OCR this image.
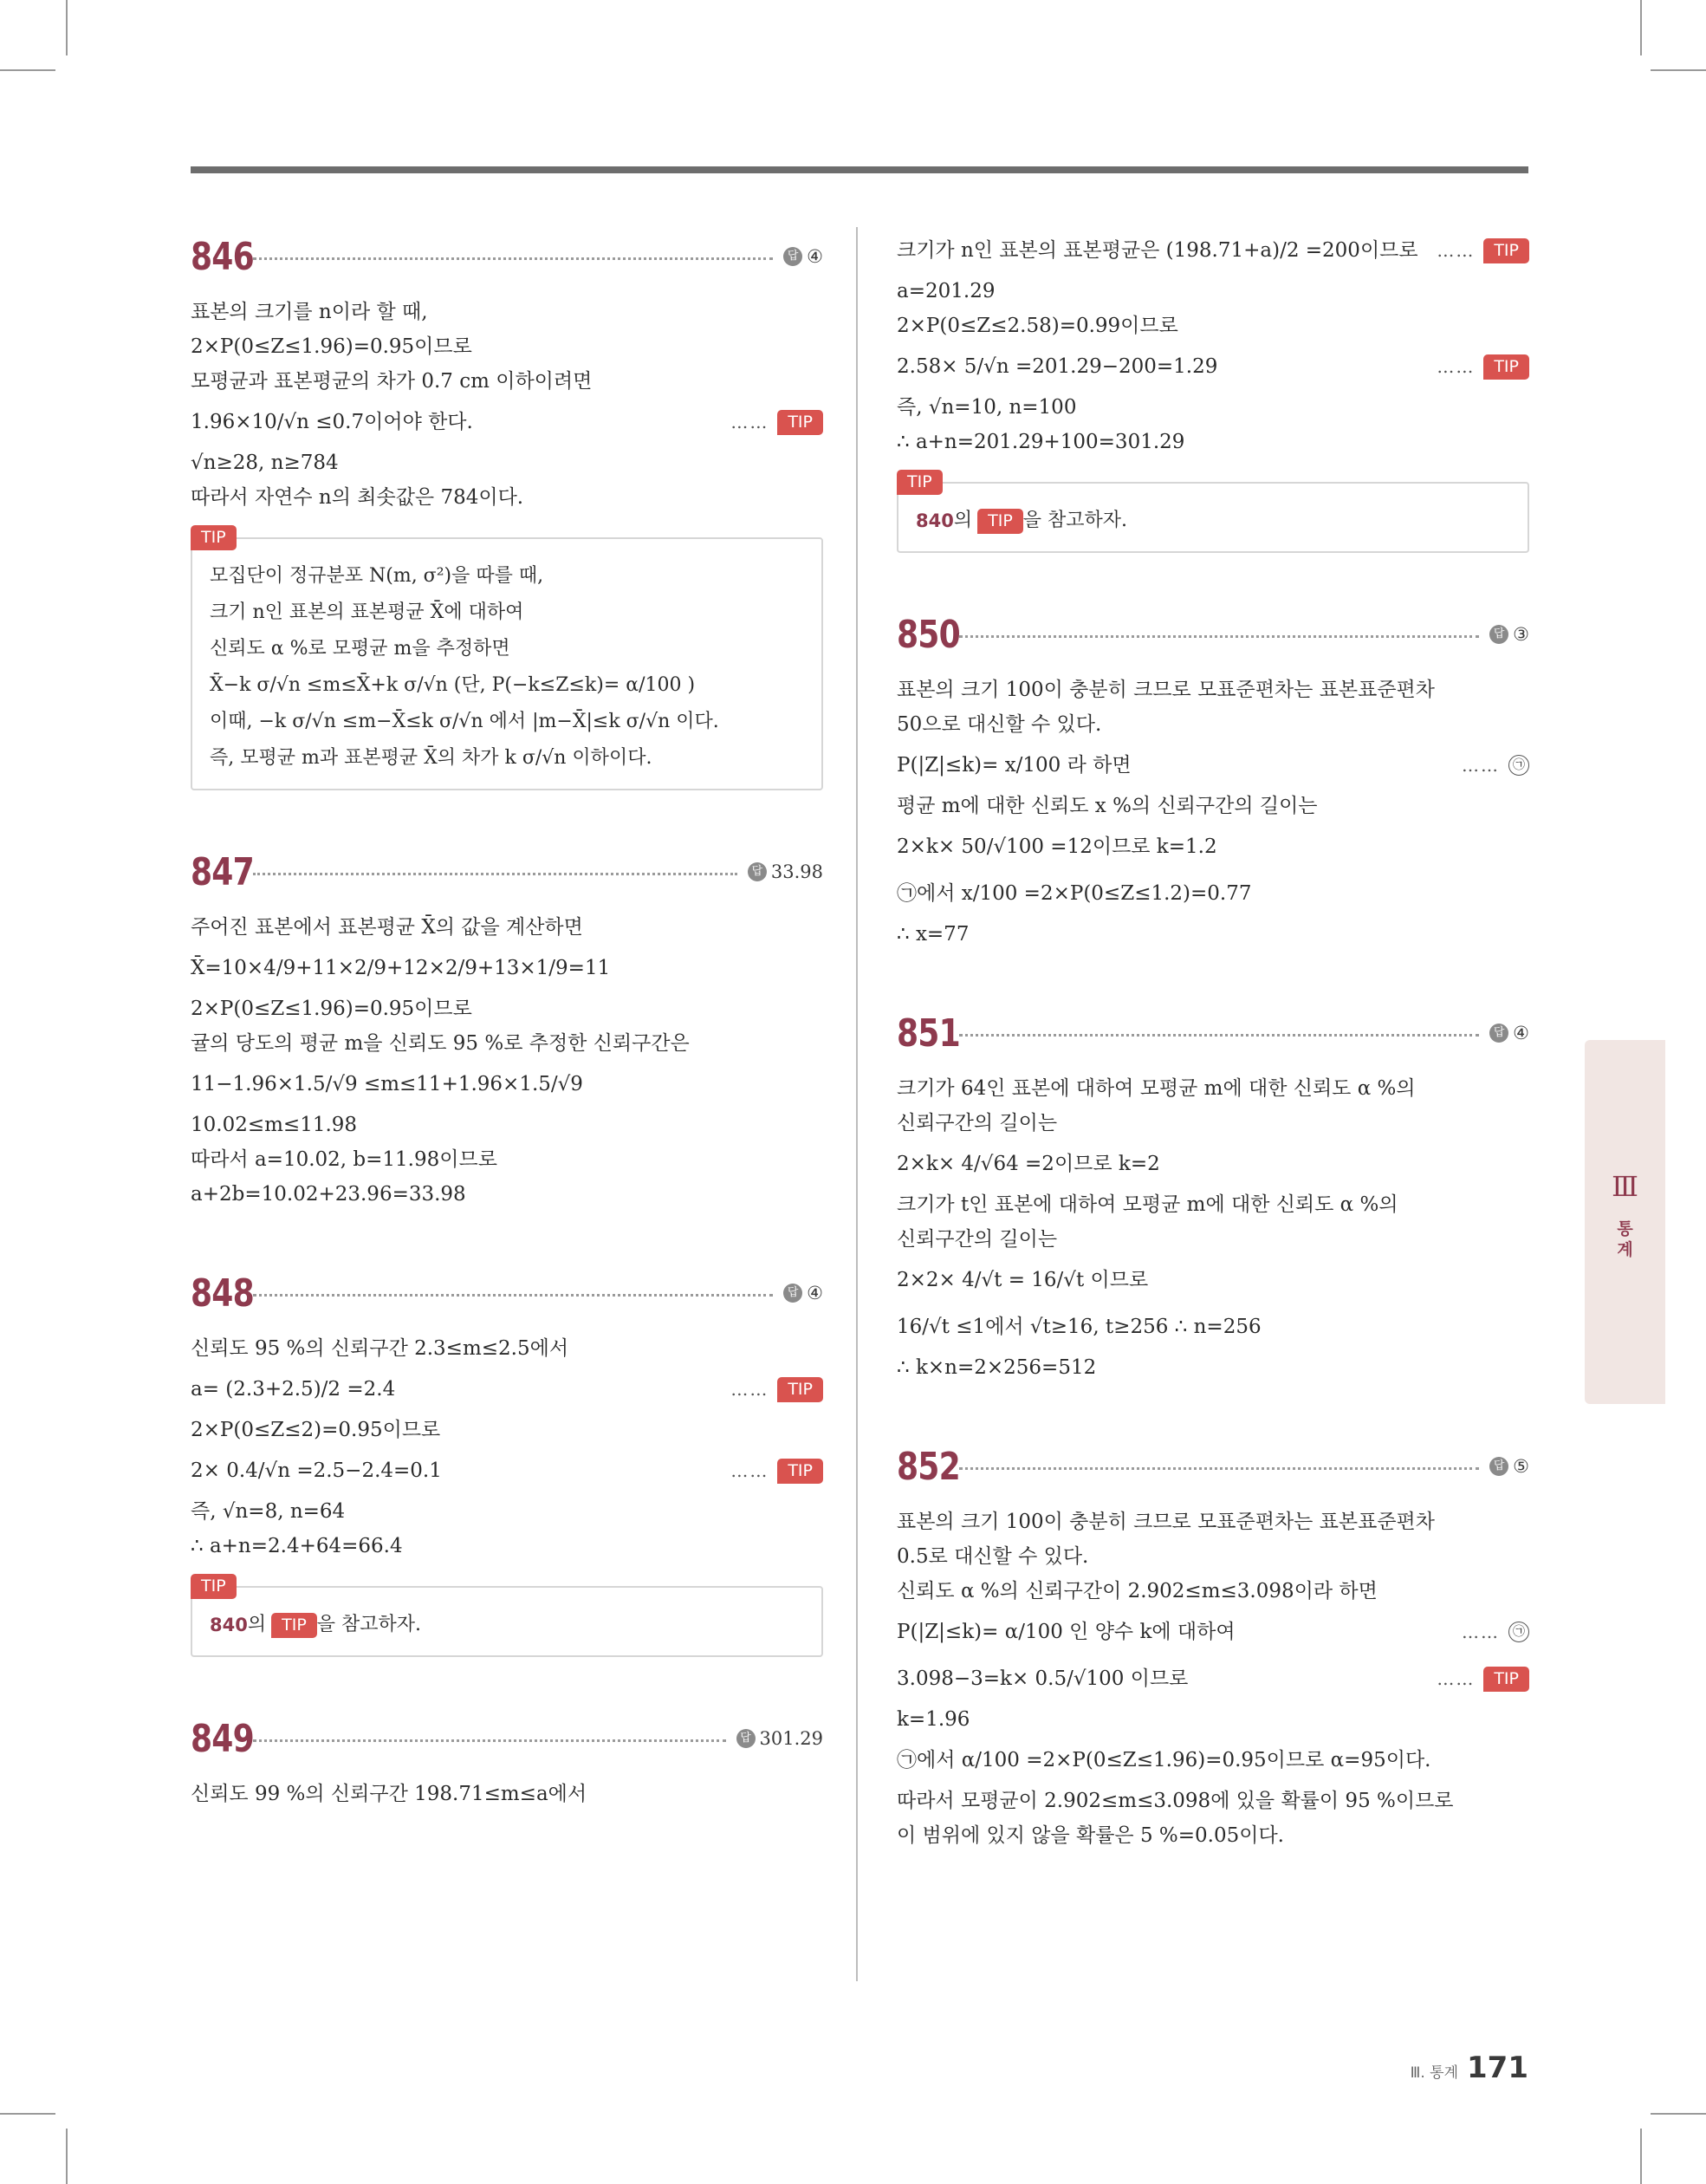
846	답 ④
표본의 크기를 n이라 할 때,
2×P(0≤Z≤1.96)=0.95이므로
모평균과 표본평균의 차가 0.7 cm 이하이려면
1.96×10/√n ≤0.7이어야 한다.	……	TIP
√n≥28, n≥784
따라서 자연수 n의 최솟값은 784이다.
TIP
모집단이 정규분포 N(m, σ²)을 따를 때,
크기 n인 표본의 표본평균 X̄에 대하여
신뢰도 α %로 모평균 m을 추정하면
X̄−k σ/√n ≤m≤X̄+k σ/√n (단, P(−k≤Z≤k)= α/100 )
이때, −k σ/√n ≤m−X̄≤k σ/√n 에서 |m−X̄|≤k σ/√n 이다.
즉, 모평균 m과 표본평균 X̄의 차가 k σ/√n 이하이다.
847	답 33.98
주어진 표본에서 표본평균 X̄의 값을 계산하면
X̄=10×4/9+11×2/9+12×2/9+13×1/9=11
2×P(0≤Z≤1.96)=0.95이므로
귤의 당도의 평균 m을 신뢰도 95 %로 추정한 신뢰구간은
11−1.96×1.5/√9 ≤m≤11+1.96×1.5/√9
10.02≤m≤11.98
따라서 a=10.02, b=11.98이므로
a+2b=10.02+23.96=33.98
848	답 ④
신뢰도 95 %의 신뢰구간 2.3≤m≤2.5에서
a= (2.3+2.5)/2 =2.4	……	TIP
2×P(0≤Z≤2)=0.95이므로
2× 0.4/√n =2.5−2.4=0.1	……	TIP
즉, √n=8, n=64
∴ a+n=2.4+64=66.4
TIP
840 의 TIP 을 참고하자.
849	답 301.29
신뢰도 99 %의 신뢰구간 198.71≤m≤a에서
크기가 n인 표본의 표본평균은 (198.71+a)/2 =200이므로 ……	TIP
a=201.29
2×P(0≤Z≤2.58)=0.99이므로
2.58× 5/√n =201.29−200=1.29	……	TIP
즉, √n=10, n=100
∴ a+n=201.29+100=301.29
TIP
840 의 TIP 을 참고하자.
850	답 ③
표본의 크기 100이 충분히 크므로 모표준편차는 표본표준편차
50으로 대신할 수 있다.
P(|Z|≤k)= x/100 라 하면	……	㉠
평균 m에 대한 신뢰도 x %의 신뢰구간의 길이는
2×k× 50/√100 =12이므로 k=1.2
㉠에서 x/100 =2×P(0≤Z≤1.2)=0.77
∴ x=77
851	답 ④
크기가 64인 표본에 대하여 모평균 m에 대한 신뢰도 α %의
신뢰구간의 길이는
2×k× 4/√64 =2이므로 k=2
크기가 t인 표본에 대하여 모평균 m에 대한 신뢰도 α %의
신뢰구간의 길이는
2×2× 4/√t = 16/√t 이므로
16/√t ≤1에서 √t≥16, t≥256 ∴ n=256
∴ k×n=2×256=512
852	답 ⑤
표본의 크기 100이 충분히 크므로 모표준편차는 표본표준편차
0.5로 대신할 수 있다.
신뢰도 α %의 신뢰구간이 2.902≤m≤3.098이라 하면
P(|Z|≤k)= α/100 인 양수 k에 대하여	……	㉠
3.098−3=k× 0.5/√100 이므로	……	TIP
k=1.96
㉠에서 α/100 =2×P(0≤Z≤1.96)=0.95이므로 α=95이다.
따라서 모평균이 2.902≤m≤3.098에 있을 확률이 95 %이므로
이 범위에 있지 않을 확률은 5 %=0.05이다.
Ⅲ
통
계
Ⅲ. 통계 171
